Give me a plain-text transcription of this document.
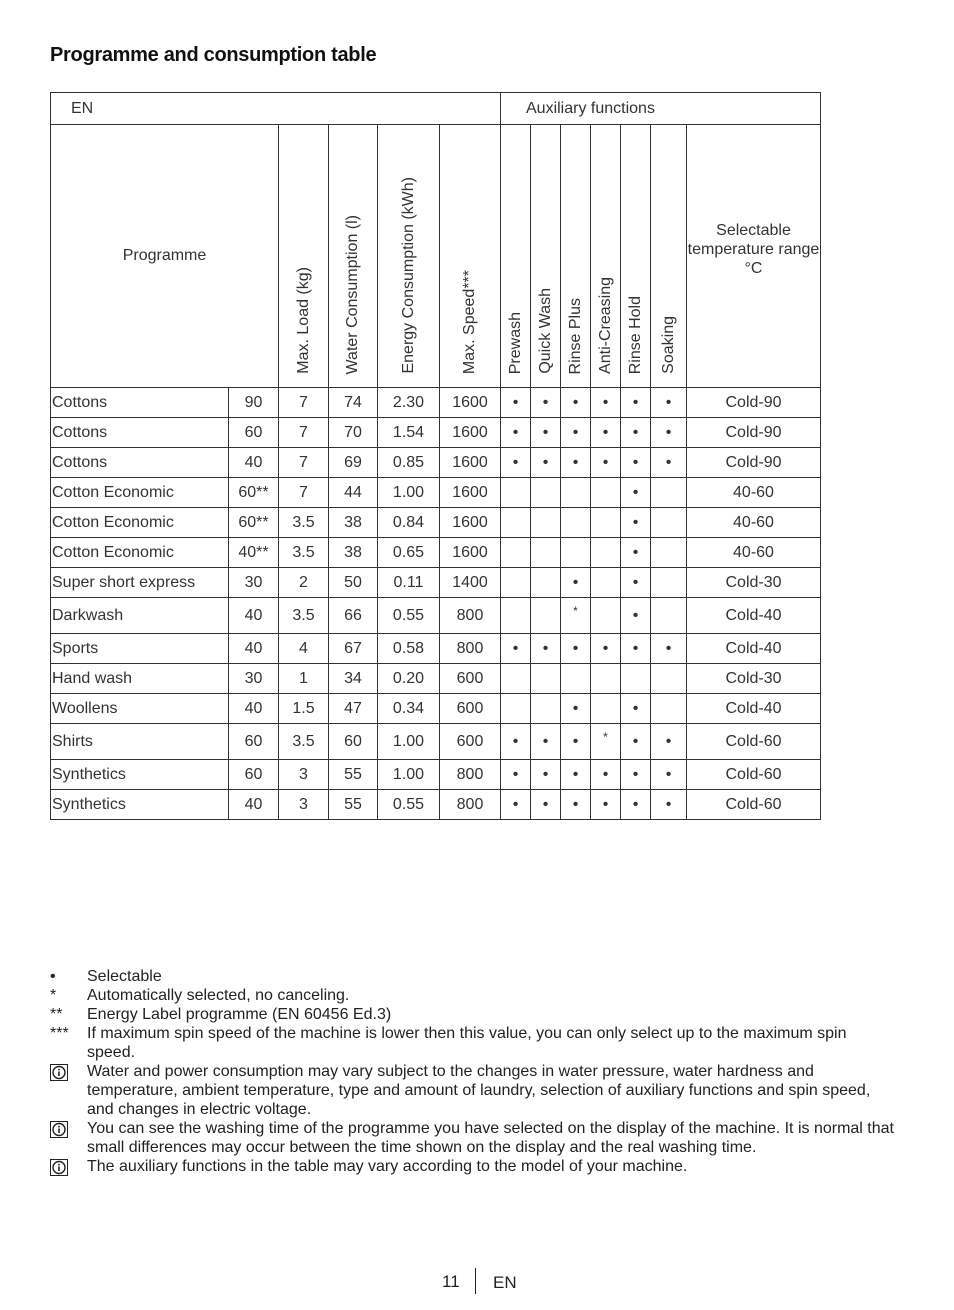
Programme and consumption table
EN						Auxiliary functions						
Programme		Max. Load (kg)	Water Consumption (l)	Energy Consumption (kWh)	Max. Speed***	Prewash	Quick Wash	Rinse Plus	Anti-Creasing	Rinse Hold	Soaking	Selectable temperature range °C
Cottons	90	7	74	2.30	1600	•	•	•	•	•	•	Cold-90
Cottons	60	7	70	1.54	1600	•	•	•	•	•	•	Cold-90
Cottons	40	7	69	0.85	1600	•	•	•	•	•	•	Cold-90
Cotton Economic	60**	7	44	1.00	1600					•		40-60
Cotton Economic	60**	3.5	38	0.84	1600					•		40-60
Cotton Economic	40**	3.5	38	0.65	1600					•		40-60
Super short express	30	2	50	0.11	1400			•		•		Cold-30
Darkwash	40	3.5	66	0.55	800			*		•		Cold-40
Sports	40	4	67	0.58	800	•	•	•	•	•	•	Cold-40
Hand wash	30	1	34	0.20	600							Cold-30
Woollens	40	1.5	47	0.34	600			•		•		Cold-40
Shirts	60	3.5	60	1.00	600	•	•	•	*	•	•	Cold-60
Synthetics	60	3	55	1.00	800	•	•	•	•	•	•	Cold-60
Synthetics	40	3	55	0.55	800	•	•	•	•	•	•	Cold-60
•	Selectable
*	Automatically selected, no canceling.
**	Energy Label programme (EN 60456 Ed.3)
***	If maximum spin speed of the machine is lower then this value, you can only select up to the maximum spin speed.
Water and power consumption may vary subject to the changes in water pressure, water hardness and temperature, ambient temperature, type and amount of laundry, selection of auxiliary functions and spin speed, and changes in electric voltage.
You can see the washing time of the programme you have selected on the display of the machine. It is normal that small differences may occur between the time shown on the display and the real washing time.
The auxiliary functions in the table may vary according to the model of your machine.
11 EN
